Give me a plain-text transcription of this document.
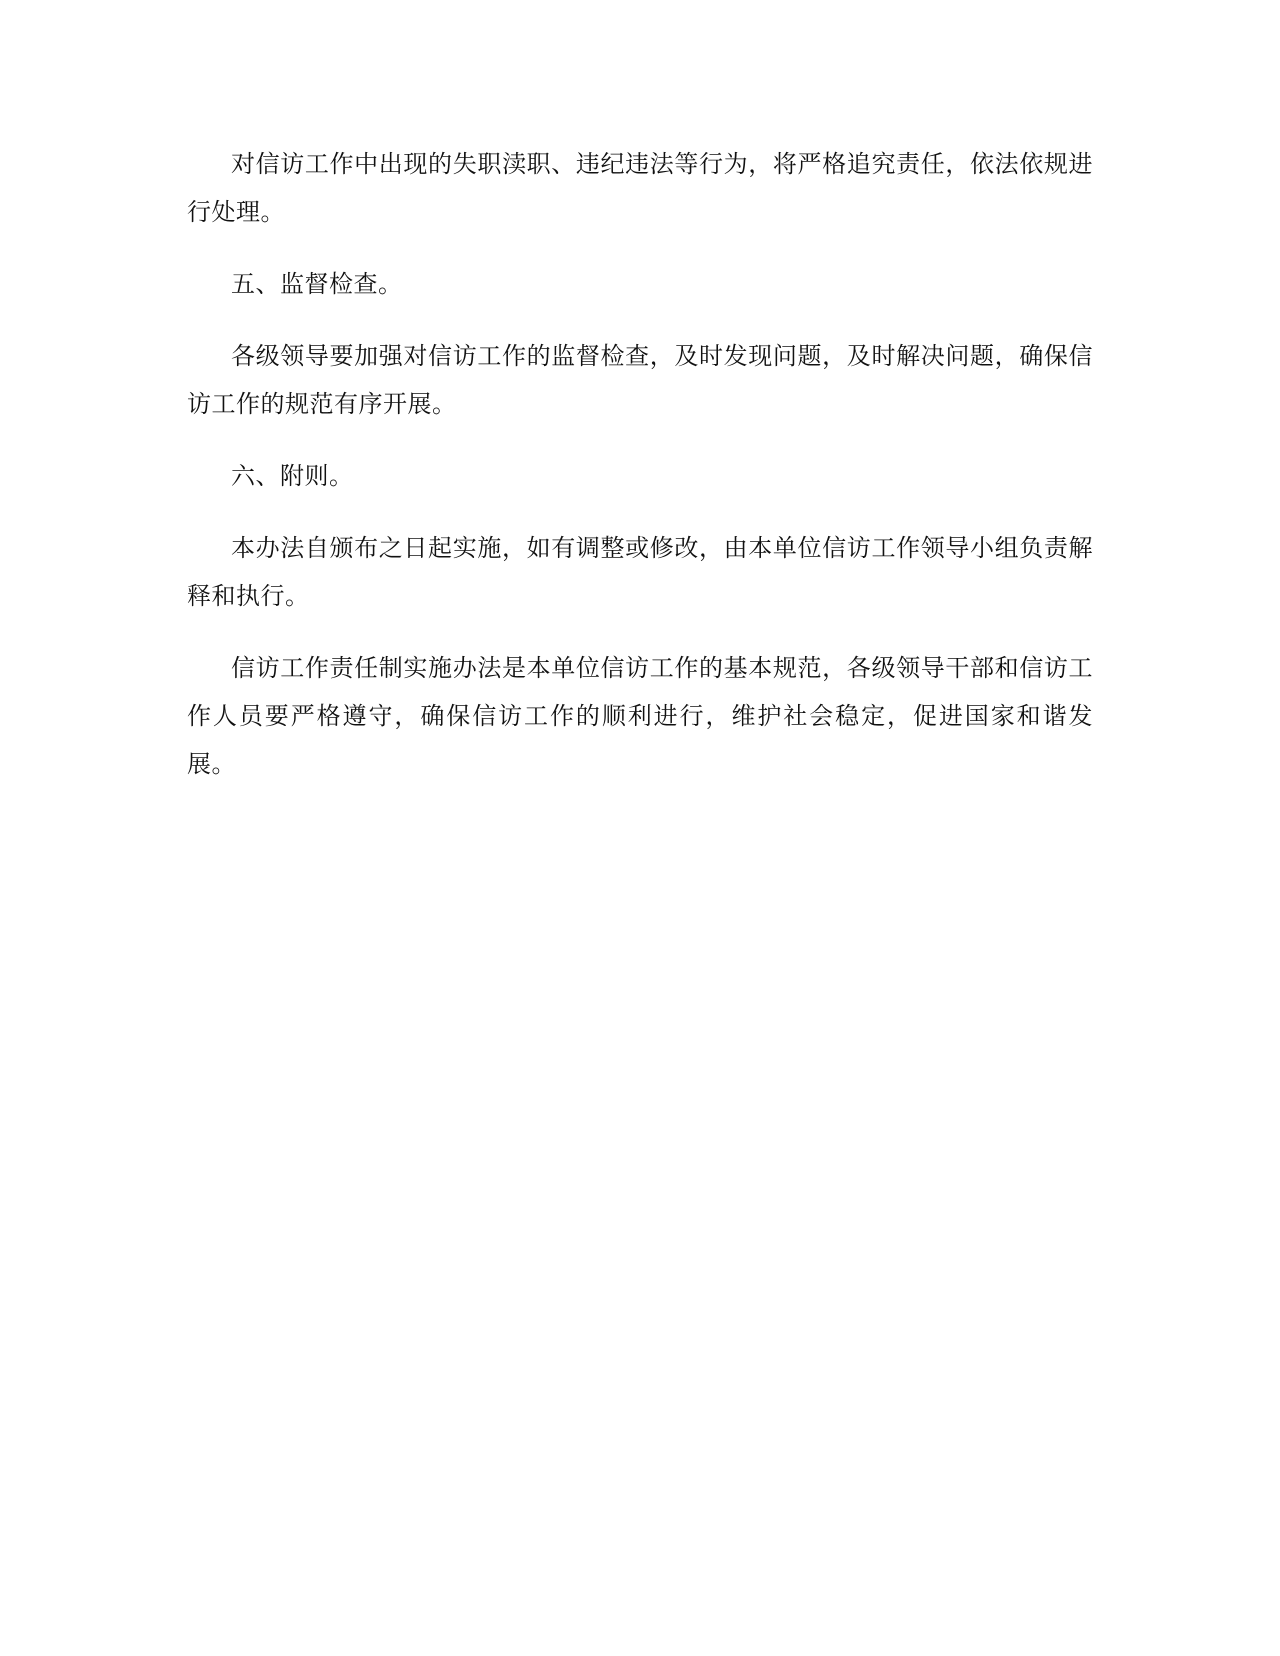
对信访工作中出现的失职渎职、违纪违法等行为，将严格追究责任，依法依规进行处理。

五、监督检查。

各级领导要加强对信访工作的监督检查，及时发现问题，及时解决问题，确保信访工作的规范有序开展。

六、附则。

本办法自颁布之日起实施，如有调整或修改，由本单位信访工作领导小组负责解释和执行。

信访工作责任制实施办法是本单位信访工作的基本规范，各级领导干部和信访工作人员要严格遵守，确保信访工作的顺利进行，维护社会稳定，促进国家和谐发展。
